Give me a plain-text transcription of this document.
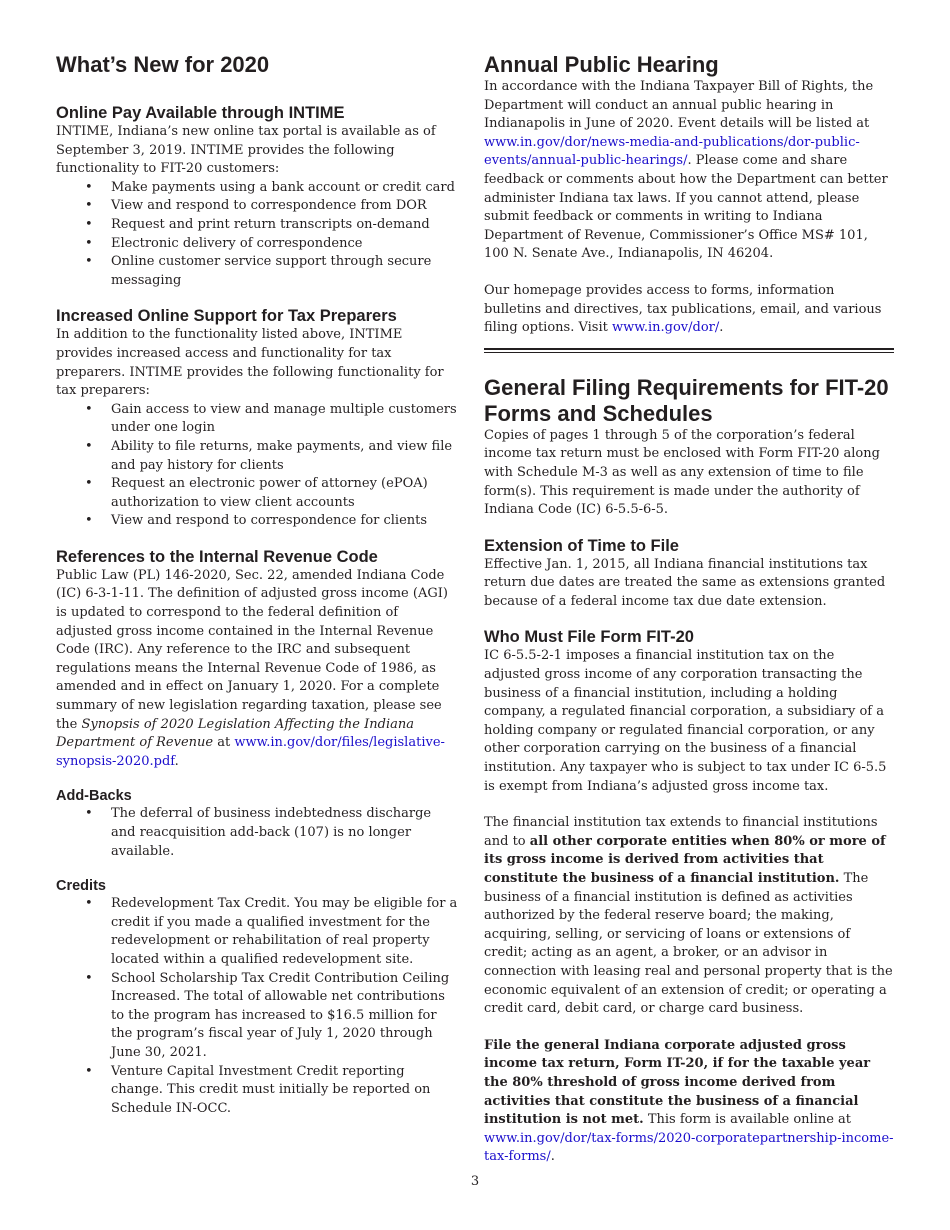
What’s New for 2020
Online Pay Available through INTIME

INTIME, Indiana’s new online tax portal is available as of September 3, 2019. INTIME provides the following functionality to FIT-20 customers:

• Make payments using a bank account or credit card
• View and respond to correspondence from DOR
• Request and print return transcripts on-demand
• Electronic delivery of correspondence
• Online customer service support through secure messaging
Increased Online Support for Tax Preparers

In addition to the functionality listed above, INTIME provides increased access and functionality for tax preparers. INTIME provides the following functionality for tax preparers:

• Gain access to view and manage multiple customers under one login
• Ability to file returns, make payments, and view file and pay history for clients
• Request an electronic power of attorney (ePOA) authorization to view client accounts
• View and respond to correspondence for clients
References to the Internal Revenue Code

Public Law (PL) 146-2020, Sec. 22, amended Indiana Code (IC) 6-3-1-11. The definition of adjusted gross income (AGI) is updated to correspond to the federal definition of adjusted gross income contained in the Internal Revenue Code (IRC). Any reference to the IRC and subsequent regulations means the Internal Revenue Code of 1986, as amended and in effect on January 1, 2020. For a complete summary of new legislation regarding taxation, please see the Synopsis of 2020 Legislation Affecting the Indiana Department of Revenue at www.in.gov/dor/files/legislative-synopsis-2020.pdf.

Add-Backs
• The deferral of business indebtedness discharge and reacquisition add-back (107) is no longer available.
Credits
• Redevelopment Tax Credit. You may be eligible for a credit if you made a qualified investment for the redevelopment or rehabilitation of real property located within a qualified redevelopment site.
• School Scholarship Tax Credit Contribution Ceiling Increased. The total of allowable net contributions to the program has increased to $16.5 million for the program’s fiscal year of July 1, 2020 through June 30, 2021.
• Venture Capital Investment Credit reporting change. This credit must initially be reported on Schedule IN-OCC.
Annual Public Hearing

In accordance with the Indiana Taxpayer Bill of Rights, the Department will conduct an annual public hearing in Indianapolis in June of 2020. Event details will be listed at www.in.gov/dor/news-media-and-publications/dor-public-events/annual-public-hearings/. Please come and share feedback or comments about how the Department can better administer Indiana tax laws. If you cannot attend, please submit feedback or comments in writing to Indiana Department of Revenue, Commissioner’s Office MS# 101, 100 N. Senate Ave., Indianapolis, IN 46204.

Our homepage provides access to forms, information bulletins and directives, tax publications, email, and various filing options. Visit www.in.gov/dor/.

General Filing Requirements for FIT-20 Forms and Schedules

Copies of pages 1 through 5 of the corporation’s federal income tax return must be enclosed with Form FIT-20 along with Schedule M-3 as well as any extension of time to file form(s). This requirement is made under the authority of Indiana Code (IC) 6-5.5-6-5.

Extension of Time to File

Effective Jan. 1, 2015, all Indiana financial institutions tax return due dates are treated the same as extensions granted because of a federal income tax due date extension.

Who Must File Form FIT-20

IC 6-5.5-2-1 imposes a financial institution tax on the adjusted gross income of any corporation transacting the business of a financial institution, including a holding company, a regulated financial corporation, a subsidiary of a holding company or regulated financial corporation, or any other corporation carrying on the business of a financial institution. Any taxpayer who is subject to tax under IC 6-5.5 is exempt from Indiana’s adjusted gross income tax.

The financial institution tax extends to financial institutions and to all other corporate entities when 80% or more of its gross income is derived from activities that constitute the business of a financial institution. The business of a financial institution is defined as activities authorized by the federal reserve board; the making, acquiring, selling, or servicing of loans or extensions of credit; acting as an agent, a broker, or an advisor in connection with leasing real and personal property that is the economic equivalent of an extension of credit; or operating a credit card, debit card, or charge card business.

File the general Indiana corporate adjusted gross income tax return, Form IT-20, if for the taxable year the 80% threshold of gross income derived from activities that constitute the business of a financial institution is not met. This form is available online at www.in.gov/dor/tax-forms/2020-corporatepartnership-income-tax-forms/.

3
